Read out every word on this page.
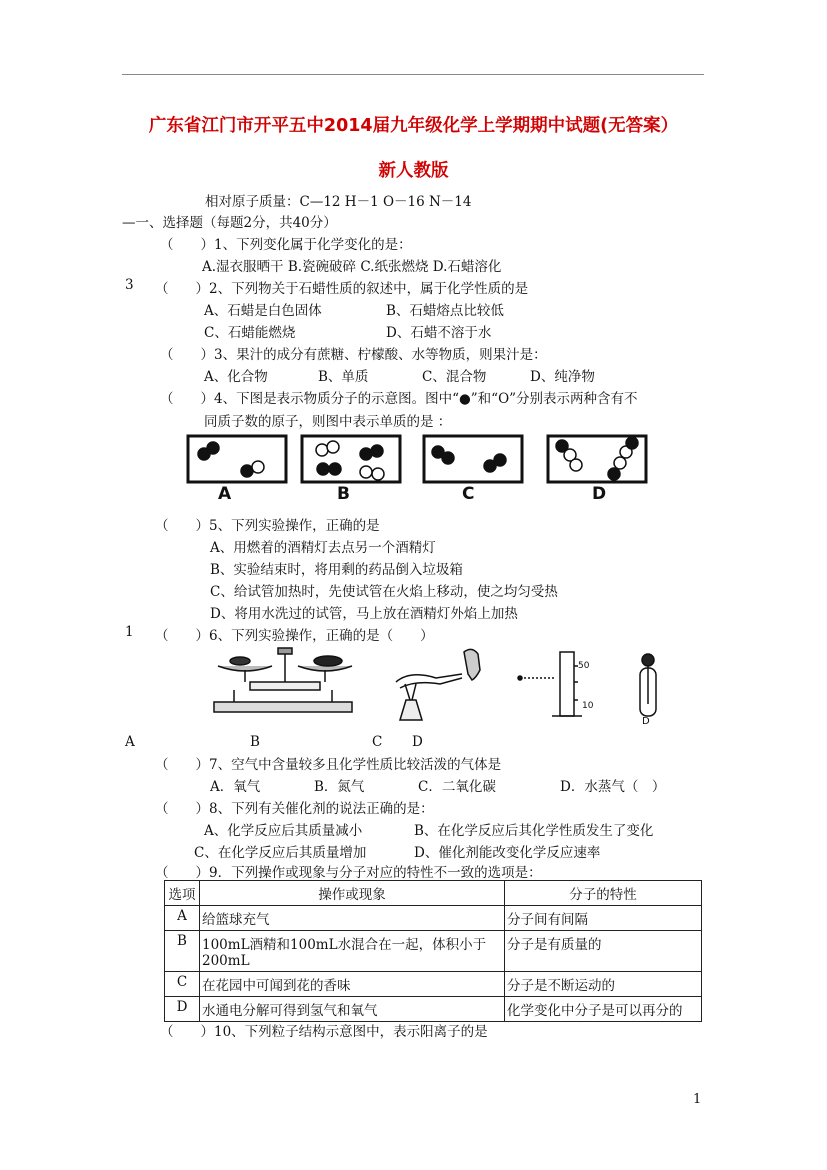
广东省江门市开平五中2014届九年级化学上学期期中试题(无答案）
新人教版
相对原子质量：C—12 H－1 O－16 N－14
—一、选择题（每题2分，共40分）
（　　）1、下列变化属于化学变化的是：
A.湿衣服晒干 B.瓷碗破碎 C.纸张燃烧 D.石蜡溶化
3 （　　）2、下列物关于石蜡性质的叙述中，属于化学性质的是
A、石蜡是白色固体	B、石蜡熔点比较低
C、石蜡能燃烧	D、石蜡不溶于水
（　　）3、果汁的成分有蔗糖、柠檬酸、水等物质，则果汁是：
A、化合物	B、单质	C、混合物	D、纯净物
（　　）4、下图是表示物质分子的示意图。图中“●”和“O”分别表示两种含有不
同质子数的原子，则图中表示单质的是 ：
A	B	C	D
（　　）5、下列实验操作，正确的是
A、用燃着的酒精灯去点另一个酒精灯
B、实验结束时，将用剩的药品倒入垃圾箱
C、给试管加热时，先使试管在火焰上移动，使之均匀受热
D、将用水洗过的试管，马上放在酒精灯外焰上加热
1 （　　）6、下列实验操作，正确的是（　　）
50
10
D
A	B	C D
（　　）7、空气中含量较多且化学性质比较活泼的气体是
A．氧气	B．氮气	C．二氧化碳	D．水蒸气（　）
（　　）8、下列有关催化剂的说法正确的是：
A、化学反应后其质量减小	B、在化学反应后其化学性质发生了变化
C、在化学反应后其质量增加	D、催化剂能改变化学反应速率
（　　）9．下列操作或现象与分子对应的特性不一致的选项是：
选项	操作或现象	分子的特性
A	给篮球充气	分子间有间隔
B	100mL酒精和100mL水混合在一起，体积小于200mL	分子是有质量的
C	在花园中可闻到花的香味	分子是不断运动的
D	水通电分解可得到氢气和氧气	化学变化中分子是可以再分的
（　　）10、下列粒子结构示意图中，表示阳离子的是
1
